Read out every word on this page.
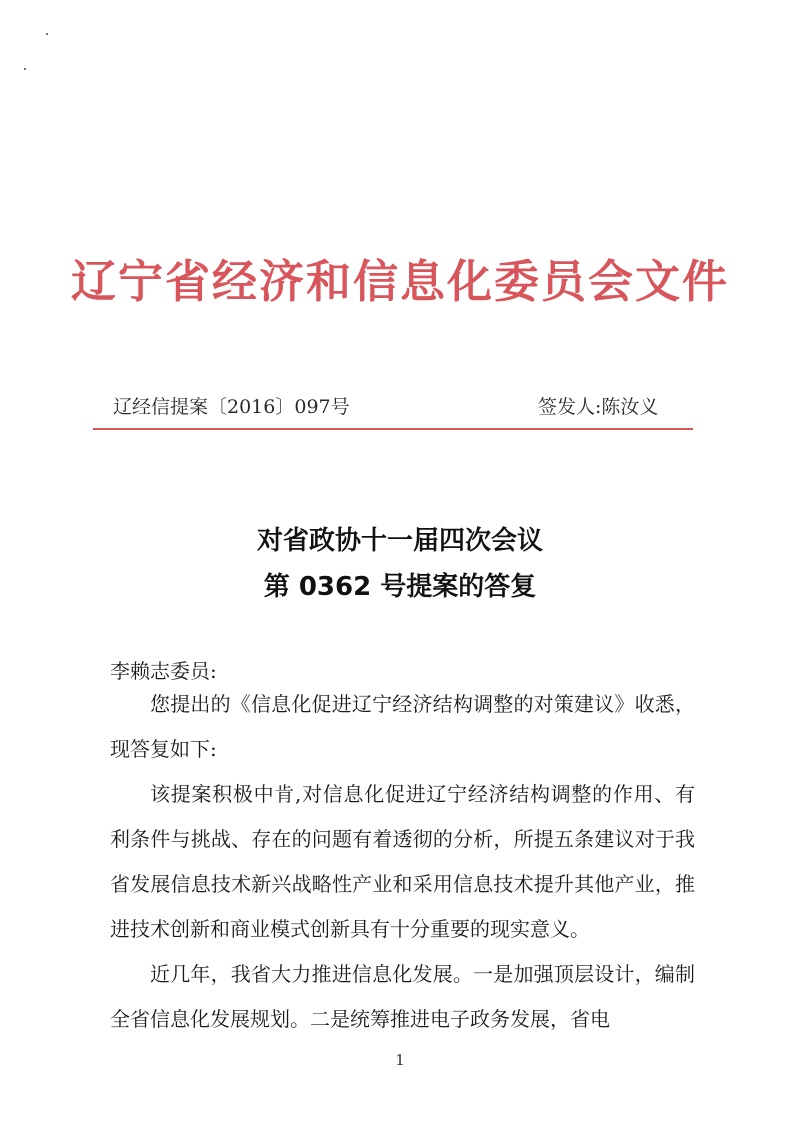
辽宁省经济和信息化委员会文件
辽经信提案〔2016〕097号	签发人:陈汝义
对省政协十一届四次会议
第 0362 号提案的答复
李赖志委员:

您提出的《信息化促进辽宁经济结构调整的对策建议》收悉，现答复如下:

该提案积极中肯,对信息化促进辽宁经济结构调整的作用、有利条件与挑战、存在的问题有着透彻的分析，所提五条建议对于我省发展信息技术新兴战略性产业和采用信息技术提升其他产业，推进技术创新和商业模式创新具有十分重要的现实意义。

近几年，我省大力推进信息化发展。一是加强顶层设计，编制全省信息化发展规划。二是统筹推进电子政务发展，省电

1
